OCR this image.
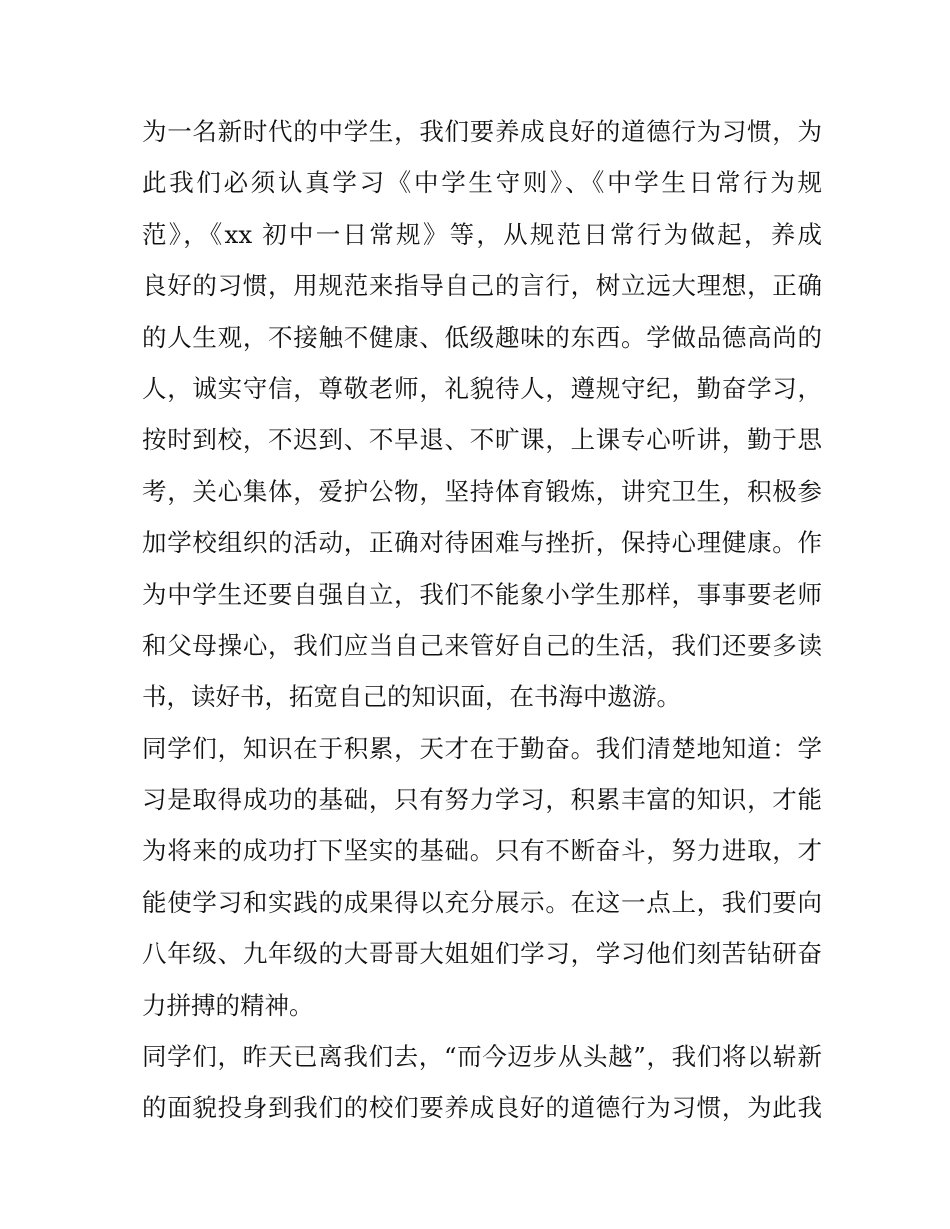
为一名新时代的中学生，我们要养成良好的道德行为习惯，为
此我们必须认真学习《中学生守则》、《中学生日常行为规
范》，《xx 初中一日常规》等，从规范日常行为做起，养成
良好的习惯，用规范来指导自己的言行，树立远大理想，正确
的人生观，不接触不健康、低级趣味的东西。学做品德高尚的
人，诚实守信，尊敬老师，礼貌待人，遵规守纪，勤奋学习，
按时到校，不迟到、不早退、不旷课，上课专心听讲，勤于思
考，关心集体，爱护公物，坚持体育锻炼，讲究卫生，积极参
加学校组织的活动，正确对待困难与挫折，保持心理健康。作
为中学生还要自强自立，我们不能象小学生那样，事事要老师
和父母操心，我们应当自己来管好自己的生活，我们还要多读
书，读好书，拓宽自己的知识面，在书海中遨游。
同学们，知识在于积累，天才在于勤奋。我们清楚地知道：学
习是取得成功的基础，只有努力学习，积累丰富的知识，才能
为将来的成功打下坚实的基础。只有不断奋斗，努力进取，才
能使学习和实践的成果得以充分展示。在这一点上，我们要向
八年级、九年级的大哥哥大姐姐们学习，学习他们刻苦钻研奋
力拼搏的精神。
同学们，昨天已离我们去，“而今迈步从头越”，我们将以崭新
的面貌投身到我们的校们要养成良好的道德行为习惯，为此我
